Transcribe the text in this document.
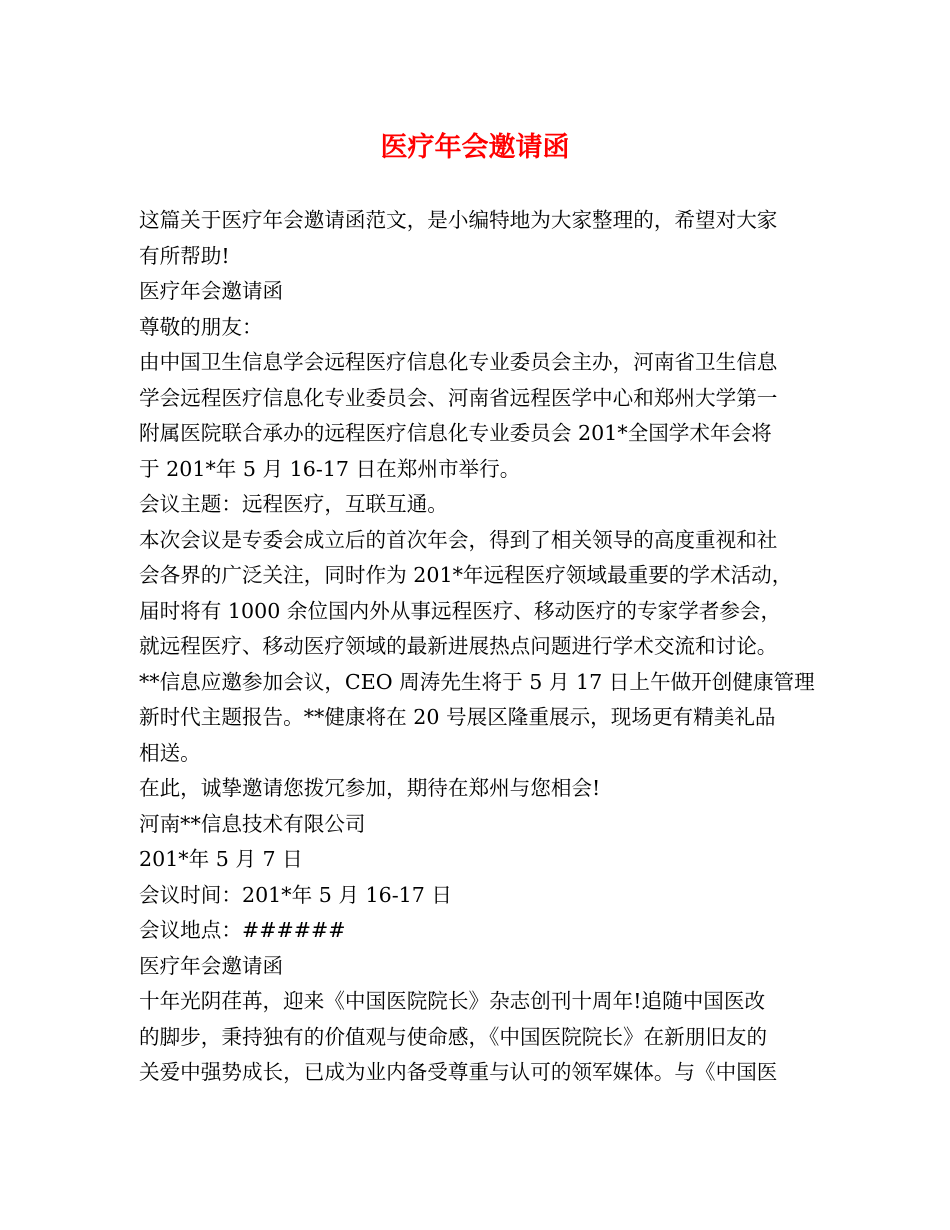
医疗年会邀请函
这篇关于医疗年会邀请函范文，是小编特地为大家整理的，希望对大家
有所帮助!
医疗年会邀请函
尊敬的朋友：
由中国卫生信息学会远程医疗信息化专业委员会主办，河南省卫生信息
学会远程医疗信息化专业委员会、河南省远程医学中心和郑州大学第一
附属医院联合承办的远程医疗信息化专业委员会 201*全国学术年会将
于 201*年 5 月 16-17 日在郑州市举行。
会议主题：远程医疗，互联互通。
本次会议是专委会成立后的首次年会，得到了相关领导的高度重视和社
会各界的广泛关注，同时作为 201*年远程医疗领域最重要的学术活动，
届时将有 1000 余位国内外从事远程医疗、移动医疗的专家学者参会，
就远程医疗、移动医疗领域的最新进展热点问题进行学术交流和讨论。
**信息应邀参加会议，CEO 周涛先生将于 5 月 17 日上午做开创健康管理
新时代主题报告。**健康将在 20 号展区隆重展示，现场更有精美礼品
相送。
在此，诚挚邀请您拨冗参加，期待在郑州与您相会!
河南**信息技术有限公司
201*年 5 月 7 日
会议时间：201*年 5 月 16-17 日
会议地点：######
医疗年会邀请函
十年光阴荏苒，迎来《中国医院院长》杂志创刊十周年!追随中国医改
的脚步，秉持独有的价值观与使命感，《中国医院院长》在新朋旧友的
关爱中强势成长，已成为业内备受尊重与认可的领军媒体。与《中国医
